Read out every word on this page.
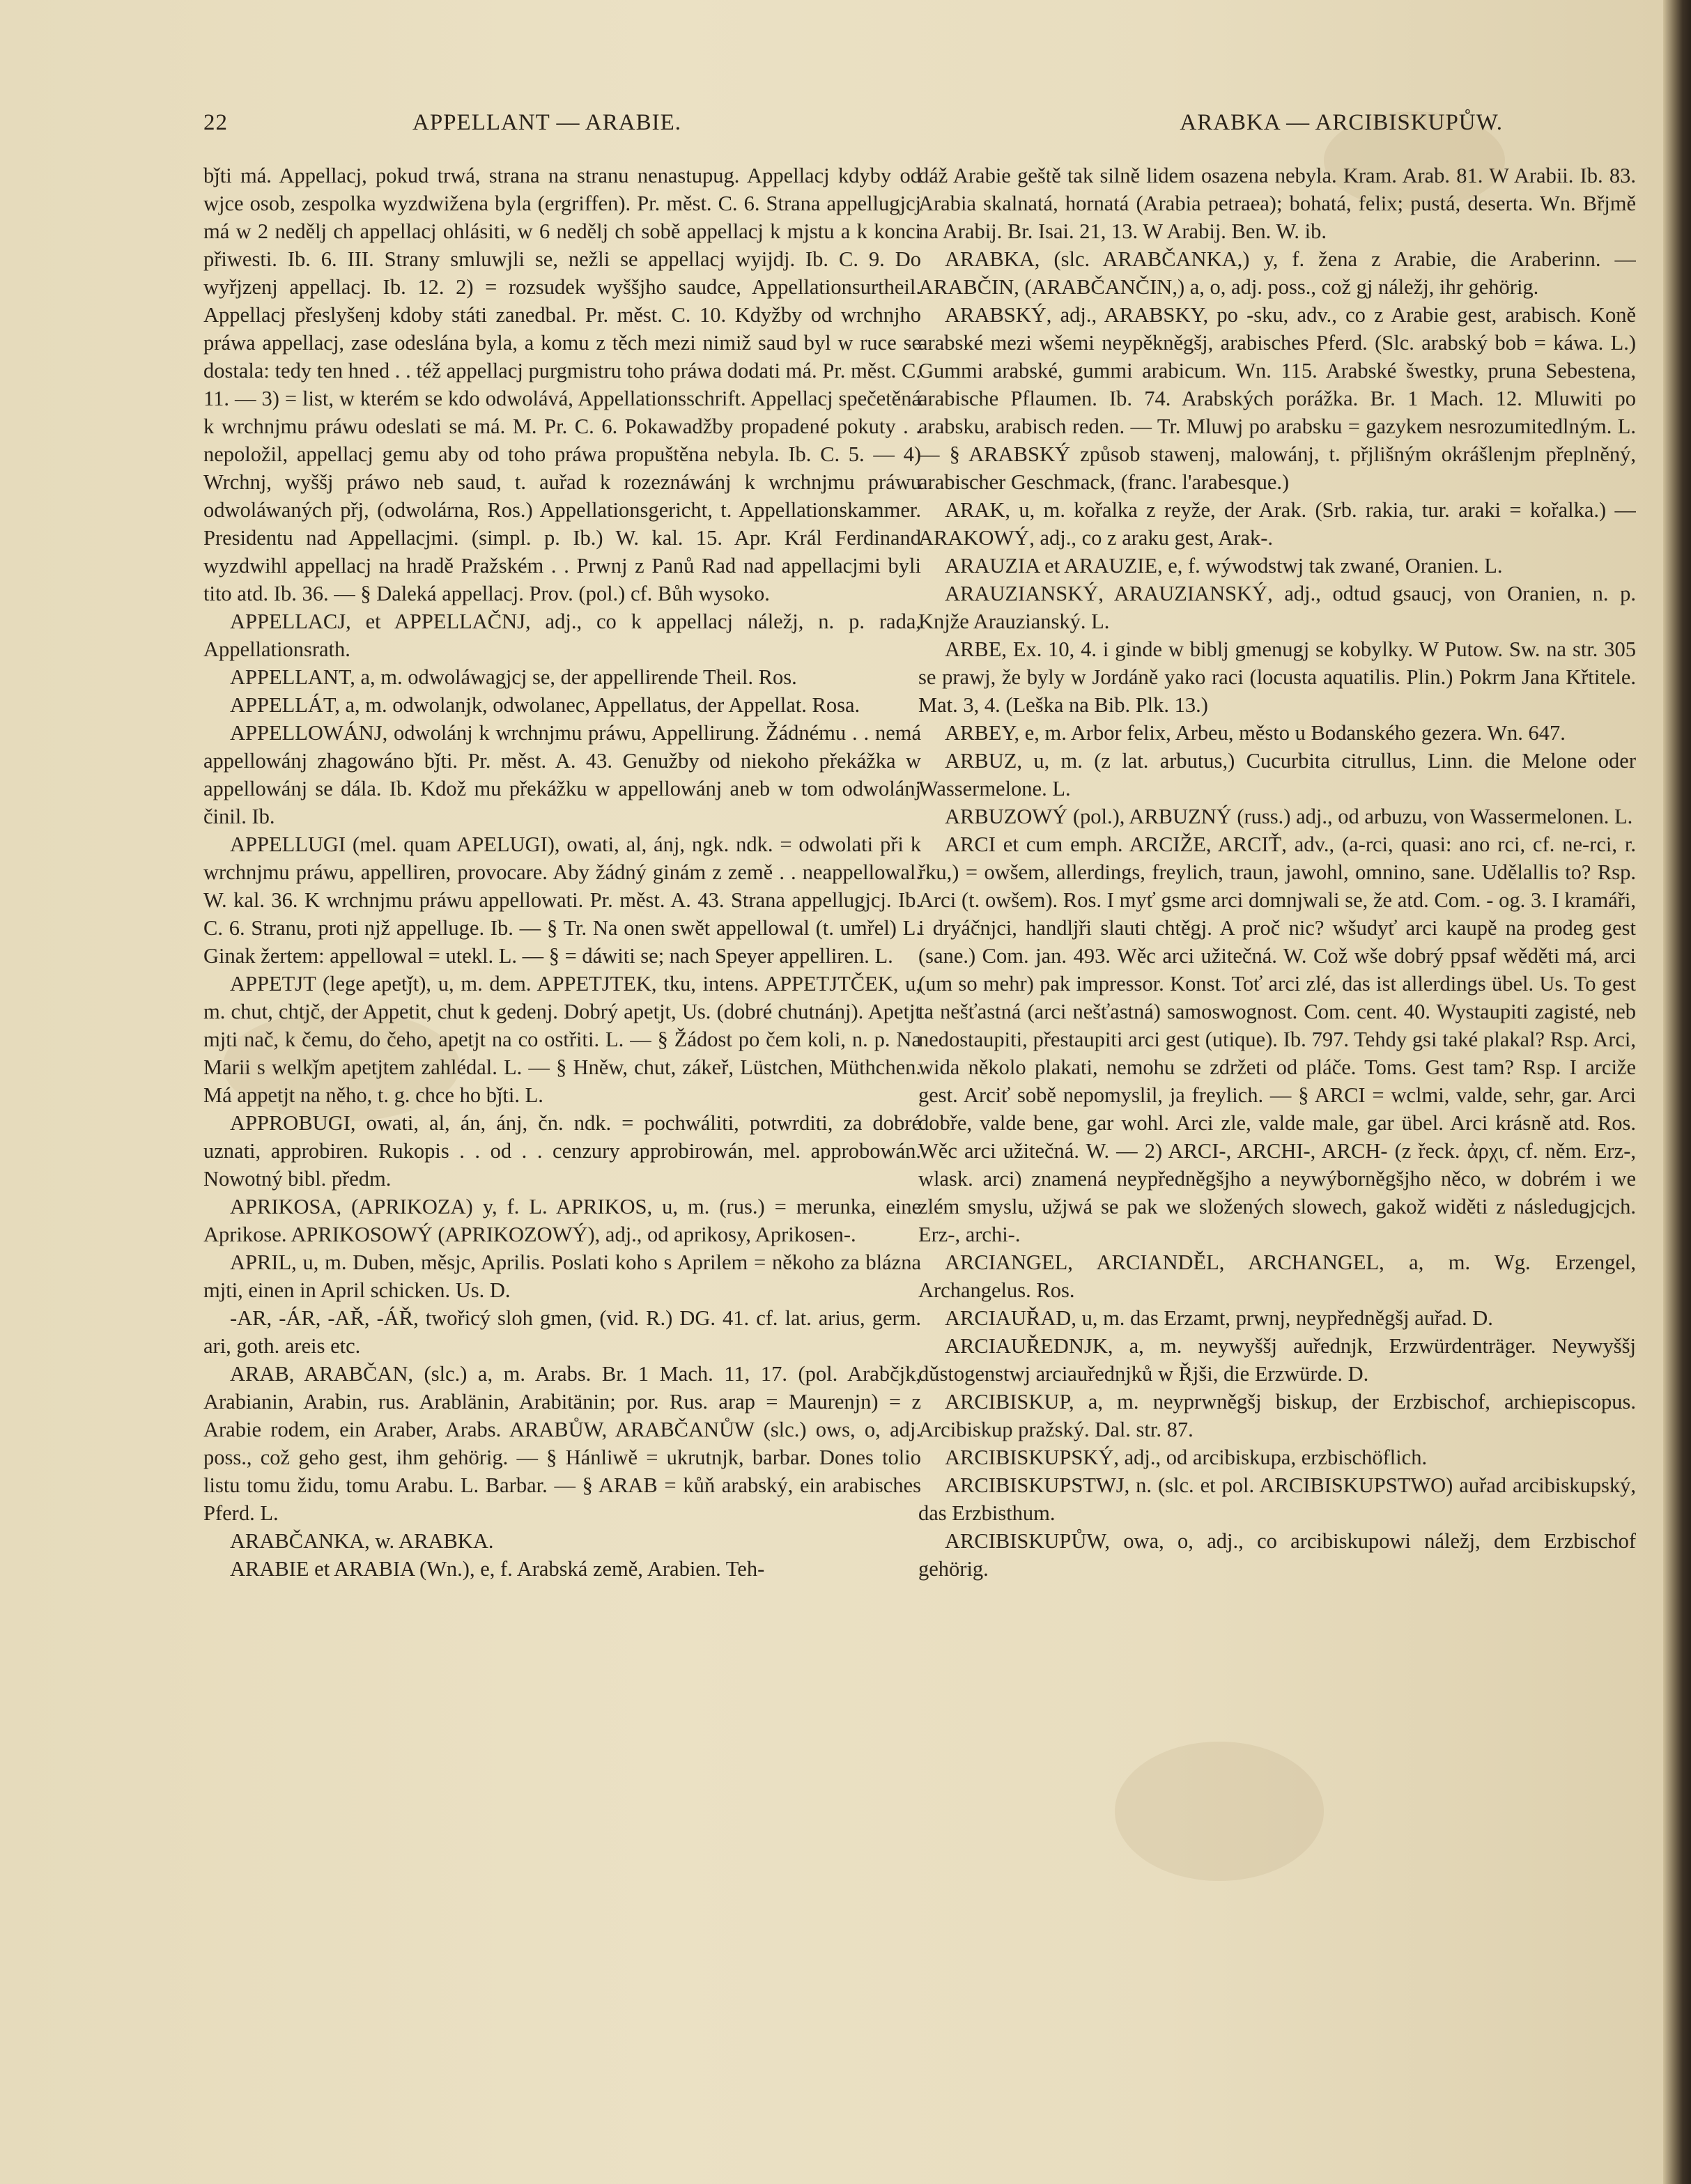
22	APPELLANT — ARABIE.	ARABKA — ARCIBISKUPŮW.

bǰti má. Appellacj, pokud trwá, strana na stranu nenastupug. Appellacj kdyby od wjce osob, zespolka wyzdwižena byla (ergriffen). Pr. měst. C. 6. Strana appellugjcj má w 2 nedělj ch appellacj ohlásiti, w 6 nedělj ch sobě appellacj k mjstu a k konci přiwesti. Ib. 6. III. Strany smluwjli se, nežli se appellacj wyijdj. Ib. C. 9. Do wyřjzenj appellacj. Ib. 12. 2) = rozsudek wyššjho saudce, Appellationsurtheil. Appellacj přeslyšenj kdoby státi zanedbal. Pr. měst. C. 10. Kdyžby od wrchnjho práwa appellacj, zase odeslána byla, a komu z těch mezi nimiž saud byl w ruce se dostala: tedy ten hned . . též appellacj purgmistru toho práwa dodati má. Pr. měst. C. 11. — 3) = list, w kterém se kdo odwolává, Appellationsschrift. Appellacj spečetěná k wrchnjmu práwu odeslati se má. M. Pr. C. 6. Pokawadžby propadené pokuty . . nepoložil, appellacj gemu aby od toho práwa propuštěna nebyla. Ib. C. 5. — 4) Wrchnj, wyššj práwo neb saud, t. auřad k rozeznáwánj k wrchnjmu práwu odwoláwaných přj, (odwolárna, Ros.) Appellationsgericht, t. Appellationskammer. Presidentu nad Appellacjmi. (simpl. p. Ib.) W. kal. 15. Apr. Král Ferdinand wyzdwihl appellacj na hradě Pražském . . Prwnj z Panů Rad nad appellacjmi byli tito atd. Ib. 36. — § Daleká appellacj. Prov. (pol.) cf. Bůh wysoko.

APPELLACJ, et APPELLAČNJ, adj., co k appellacj náležj, n. p. rada, Appellationsrath.

APPELLANT, a, m. odwoláwagjcj se, der appellirende Theil. Ros.

APPELLÁT, a, m. odwolanjk, odwolanec, Appellatus, der Appellat. Rosa.

APPELLOWÁNJ, odwolánj k wrchnjmu práwu, Appellirung. Žádnému . . nemá appellowánj zhagowáno bǰti. Pr. měst. A. 43. Genužby od niekoho překážka w appellowánj se dála. Ib. Kdož mu překážku w appellowánj aneb w tom odwolánj činil. Ib.

APPELLUGI (mel. quam APELUGI), owati, al, ánj, ngk. ndk. = odwolati při k wrchnjmu práwu, appelliren, provocare. Aby žádný ginám z země . . neappellowal. W. kal. 36. K wrchnjmu práwu appellowati. Pr. měst. A. 43. Strana appellugjcj. Ib. C. 6. Stranu, proti njž appelluge. Ib. — § Tr. Na onen swět appellowal (t. umřel) L. Ginak žertem: appellowal = utekl. L. — § = dáwiti se; nach Speyer appelliren. L.

APPETJT (lege apetǰt), u, m. dem. APPETJTEK, tku, intens. APPETJTČEK, u, m. chut, chtjč, der Appetit, chut k gedenj. Dobrý apetjt, Us. (dobré chutnánj). Apetjt mjti nač, k čemu, do čeho, apetjt na co ostřiti. L. — § Žádost po čem koli, n. p. Na Marii s welkǰm apetjtem zahlédal. L. — § Hněw, chut, zákeř, Lüstchen, Müthchen. Má appetjt na něho, t. g. chce ho bǰti. L.

APPROBUGI, owati, al, án, ánj, čn. ndk. = pochwáliti, potwrditi, za dobré uznati, approbiren. Rukopis . . od . . cenzury approbirowán, mel. approbowán. Nowotný bibl. předm.

APRIKOSA, (APRIKOZA) y, f. L. APRIKOS, u, m. (rus.) = merunka, eine Aprikose. APRIKOSOWÝ (APRIKOZOWÝ), adj., od aprikosy, Aprikosen-.

APRIL, u, m. Duben, měsjc, Aprilis. Poslati koho s Aprilem = někoho za blázna mjti, einen in April schicken. Us. D.

-AR, -ÁR, -AŘ, -ÁŘ, twořicý sloh gmen, (vid. R.) DG. 41. cf. lat. arius, germ. ari, goth. areis etc.

ARAB, ARABČAN, (slc.) a, m. Arabs. Br. 1 Mach. 11, 17. (pol. Arabčjk, Arabianin, Arabin, rus. Arablänin, Arabitänin; por. Rus. arap = Maurenjn) = z Arabie rodem, ein Araber, Arabs. ARABŮW, ARABČANŮW (slc.) ows, o, adj. poss., což geho gest, ihm gehörig. — § Hánliwě = ukrutnjk, barbar. Dones tolio listu tomu židu, tomu Arabu. L. Barbar. — § ARAB = kůň arabský, ein arabisches Pferd. L.

ARABČANKA, w. ARABKA.

ARABIE et ARABIA (Wn.), e, f. Arabská země, Arabien. Teh-

dáž Arabie geště tak silně lidem osazena nebyla. Kram. Arab. 81. W Arabii. Ib. 83. Arabia skalnatá, hornatá (Arabia petraea); bohatá, felix; pustá, deserta. Wn. Břjmě na Arabij. Br. Isai. 21, 13. W Arabij. Ben. W. ib.

ARABKA, (slc. ARABČANKA,) y, f. žena z Arabie, die Araberinn. — ARABČIN, (ARABČANČIN,) a, o, adj. poss., což gj náležj, ihr gehörig.

ARABSKÝ, adj., ARABSKY, po -sku, adv., co z Arabie gest, arabisch. Koně arabské mezi wšemi neypěkněgšj, arabisches Pferd. (Slc. arabský bob = káwa. L.) Gummi arabské, gummi arabicum. Wn. 115. Arabské šwestky, pruna Sebestena, arabische Pflaumen. Ib. 74. Arabských porážka. Br. 1 Mach. 12. Mluwiti po arabsku, arabisch reden. — Tr. Mluwj po arabsku = gazykem nesrozumitedlným. L. — § ARABSKÝ způsob stawenj, malowánj, t. přjlišným okrášlenjm přeplněný, arabischer Geschmack, (franc. l'arabesque.)

ARAK, u, m. kořalka z reyže, der Arak. (Srb. rakia, tur. araki = kořalka.) — ARAKOWÝ, adj., co z araku gest, Arak-.

ARAUZIA et ARAUZIE, e, f. wýwodstwj tak zwané, Oranien. L.

ARAUZIANSKÝ, ARAUZIANSKÝ, adj., odtud gsaucj, von Oranien, n. p. Knjže Arauzianský. L.

ARBE, Ex. 10, 4. i ginde w biblj gmenugj se kobylky. W Putow. Sw. na str. 305 se prawj, že byly w Jordáně yako raci (locusta aquatilis. Plin.) Pokrm Jana Křtitele. Mat. 3, 4. (Leška na Bib. Plk. 13.)

ARBEY, e, m. Arbor felix, Arbeu, město u Bodanského gezera. Wn. 647.

ARBUZ, u, m. (z lat. arbutus,) Cucurbita citrullus, Linn. die Melone oder Wassermelone. L.

ARBUZOWÝ (pol.), ARBUZNÝ (russ.) adj., od arbuzu, von Wassermelonen. L.

ARCI et cum emph. ARCIŽE, ARCIŤ, adv., (a-rci, quasi: ano rci, cf. ne-rci, r. řku,) = owšem, allerdings, freylich, traun, jawohl, omnino, sane. Udělallis to? Rsp. Arci (t. owšem). Ros. I myť gsme arci domnjwali se, že atd. Com. - og. 3. I kramáři, i dryáčnjci, handljři slauti chtěgj. A proč nic? wšudyť arci kaupě na prodeg gest (sane.) Com. jan. 493. Wěc arci užitečná. W. Což wše dobrý ppsaf wěděti má, arci (um so mehr) pak impressor. Konst. Toť arci zlé, das ist allerdings übel. Us. To gest ta nešťastná (arci nešťastná) samoswognost. Com. cent. 40. Wystaupiti zagisté, neb nedostaupiti, přestaupiti arci gest (utique). Ib. 797. Tehdy gsi také plakal? Rsp. Arci, wida několo plakati, nemohu se zdržeti od pláče. Toms. Gest tam? Rsp. I arciže gest. Arciť sobě nepomyslil, ja freylich. — § ARCI = wclmi, valde, sehr, gar. Arci dobře, valde bene, gar wohl. Arci zle, valde male, gar übel. Arci krásně atd. Ros. Wěc arci užitečná. W. — 2) ARCI-, ARCHI-, ARCH- (z řeck. ἀρχι, cf. něm. Erz-, wlask. arci) znamená neypředněgšjho a neywýborněgšjho něco, w dobrém i we zlém smyslu, užjwá se pak we složených slowech, gakož widěti z následugjcjch. Erz-, archi-.

ARCIANGEL, ARCIANDĚL, ARCHANGEL, a, m. Wg. Erzengel, Archangelus. Ros.

ARCIAUŘAD, u, m. das Erzamt, prwnj, neypředněgšj auřad. D.

ARCIAUŘEDNJK, a, m. neywyššj auřednjk, Erzwürdenträger. Neywyššj dǔstogenstwj arciauřednjků w Řjši, die Erzwürde. D.

ARCIBISKUP, a, m. neyprwněgšj biskup, der Erzbischof, archiepiscopus. Arcibiskup pražský. Dal. str. 87.

ARCIBISKUPSKÝ, adj., od arcibiskupa, erzbischöflich.

ARCIBISKUPSTWJ, n. (slc. et pol. ARCIBISKUPSTWO) auřad arcibiskupský, das Erzbisthum.

ARCIBISKUPŮW, owa, o, adj., co arcibiskupowi náležj, dem Erzbischof gehörig.
